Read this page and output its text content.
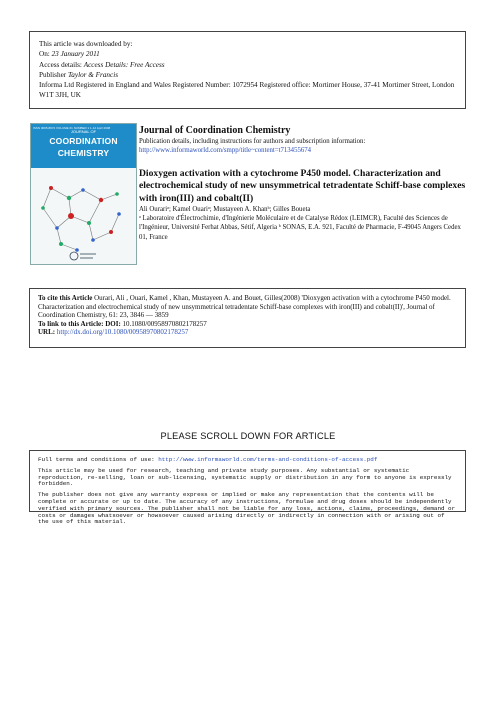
This article was downloaded by:
On: 23 January 2011
Access details: Access Details: Free Access
Publisher Taylor & Francis
Informa Ltd Registered in England and Wales Registered Number: 1072954 Registered office: Mortimer House, 37-41 Mortimer Street, London W1T 3JH, UK
ISSN 0095-8972 VOLUME 61 NUMBER 1 1-12 April 2008
JOURNAL OF
COORDINATION
CHEMISTRY
Journal of Coordination Chemistry
Publication details, including instructions for authors and subscription information:
http://www.informaworld.com/smpp/title~content=t713455674
Dioxygen activation with a cytochrome P450 model. Characterization and electrochemical study of new unsymmetrical tetradentate Schiff-base complexes with iron(III) and cobalt(II)
Ali Ourariᵃ; Kamel Ouariᵃ; Mustayeen A. Khanᵇ; Gilles Boueta
ᵃ Laboratoire d'Électrochimie, d'Ingénierie Moléculaire et de Catalyse Rédox (LEIMCR), Faculté des Sciences de l'Ingénieur, Université Ferhat Abbas, Sétif, Algeria ᵇ SONAS, E.A. 921, Faculté de Pharmacie, F-49045 Angers Cedex 01, France
To cite this Article Ourari, Ali , Ouari, Kamel , Khan, Mustayeen A. and Bouet, Gilles(2008) 'Dioxygen activation with a cytochrome P450 model. Characterization and electrochemical study of new unsymmetrical tetradentate Schiff-base complexes with iron(III) and cobalt(II)', Journal of Coordination Chemistry, 61: 23, 3846 — 3859
To link to this Article: DOI: 10.1080/00958970802178257
URL: http://dx.doi.org/10.1080/00958970802178257
PLEASE SCROLL DOWN FOR ARTICLE

Full terms and conditions of use: http://www.informaworld.com/terms-and-conditions-of-access.pdf

This article may be used for research, teaching and private study purposes. Any substantial or systematic reproduction, re-selling, loan or sub-licensing, systematic supply or distribution in any form to anyone is expressly forbidden.

The publisher does not give any warranty express or implied or make any representation that the contents will be complete or accurate or up to date. The accuracy of any instructions, formulae and drug doses should be independently verified with primary sources. The publisher shall not be liable for any loss, actions, claims, proceedings, demand or costs or damages whatsoever or howsoever caused arising directly or indirectly in connection with or arising out of the use of this material.
